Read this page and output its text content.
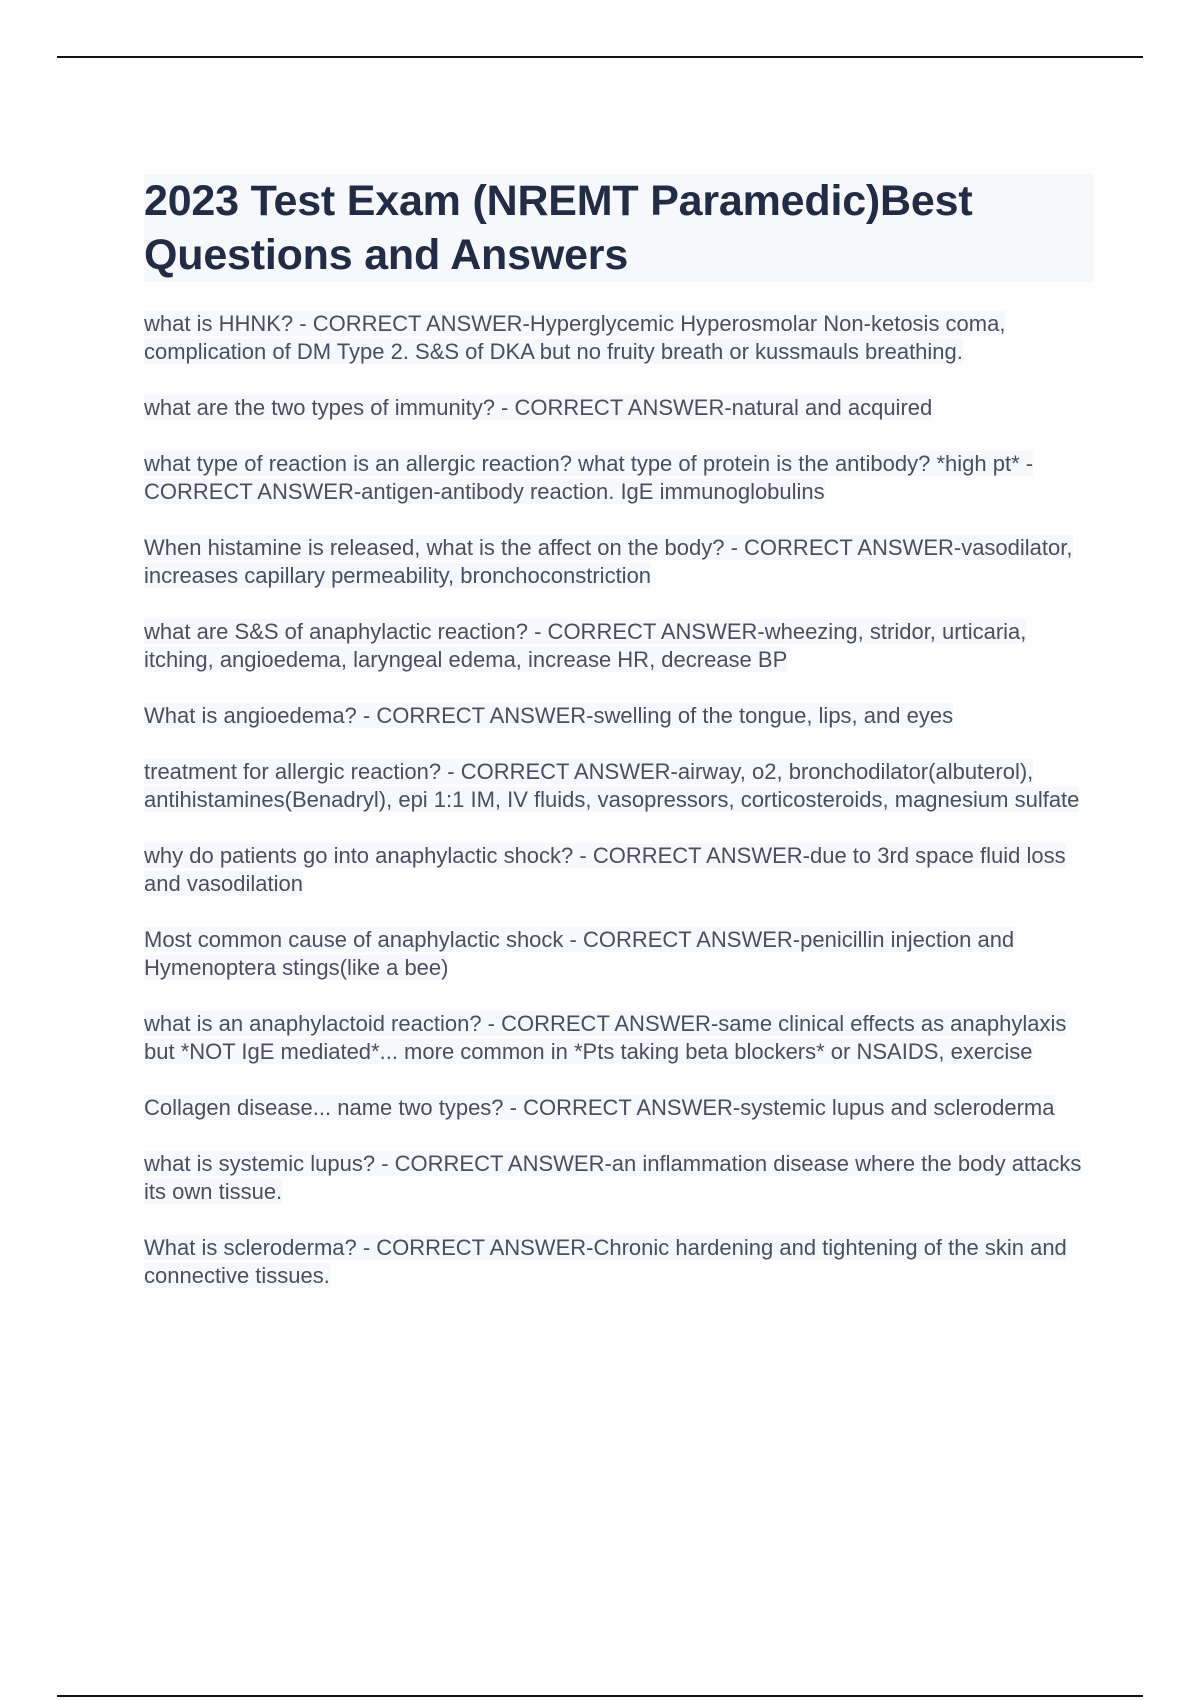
2023 Test Exam (NREMT Paramedic)Best Questions and Answers

what is HHNK? - CORRECT ANSWER-Hyperglycemic Hyperosmolar Non-ketosis coma, complication of DM Type 2. S&S of DKA but no fruity breath or kussmauls breathing.

what are the two types of immunity? - CORRECT ANSWER-natural and acquired

what type of reaction is an allergic reaction? what type of protein is the antibody? *high pt* - CORRECT ANSWER-antigen-antibody reaction. IgE immunoglobulins

When histamine is released, what is the affect on the body? - CORRECT ANSWER-vasodilator, increases capillary permeability, bronchoconstriction

what are S&S of anaphylactic reaction? - CORRECT ANSWER-wheezing, stridor, urticaria, itching, angioedema, laryngeal edema, increase HR, decrease BP

What is angioedema? - CORRECT ANSWER-swelling of the tongue, lips, and eyes

treatment for allergic reaction? - CORRECT ANSWER-airway, o2, bronchodilator(albuterol), antihistamines(Benadryl), epi 1:1 IM, IV fluids, vasopressors, corticosteroids, magnesium sulfate

why do patients go into anaphylactic shock? - CORRECT ANSWER-due to 3rd space fluid loss and vasodilation

Most common cause of anaphylactic shock - CORRECT ANSWER-penicillin injection and Hymenoptera stings(like a bee)

what is an anaphylactoid reaction? - CORRECT ANSWER-same clinical effects as anaphylaxis but *NOT IgE mediated*... more common in *Pts taking beta blockers* or NSAIDS, exercise

Collagen disease... name two types? - CORRECT ANSWER-systemic lupus and scleroderma

what is systemic lupus? - CORRECT ANSWER-an inflammation disease where the body attacks its own tissue.

What is scleroderma? - CORRECT ANSWER-Chronic hardening and tightening of the skin and connective tissues.
